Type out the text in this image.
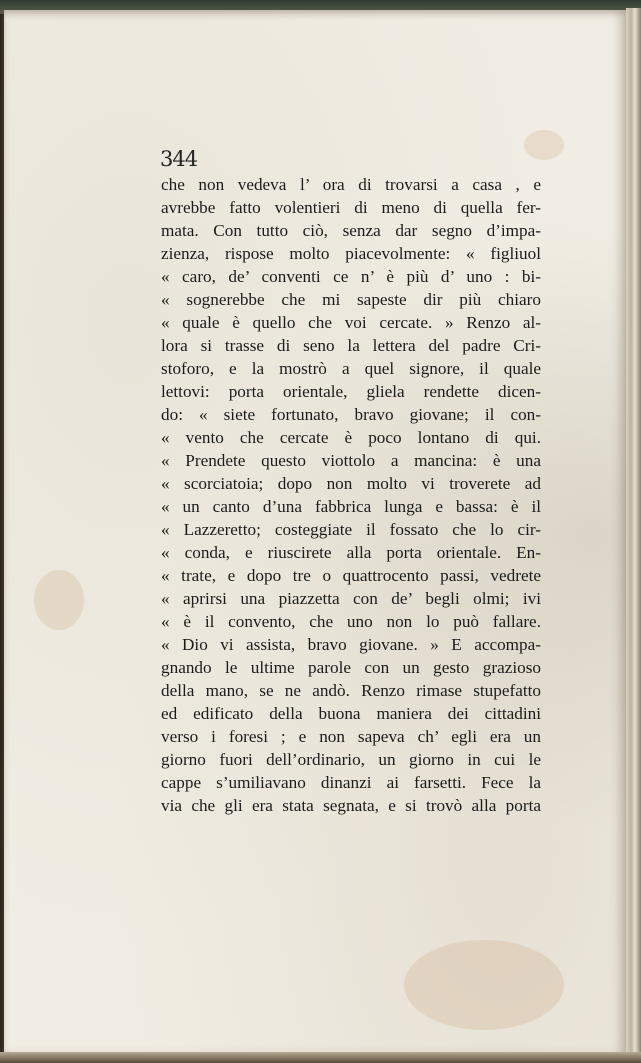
344
che non vedeva l’ ora di trovarsi a casa , e
avrebbe fatto volentieri di meno di quella fer-
mata. Con tutto ciò, senza dar segno d’impa-
zienza, rispose molto piacevolmente: « figliuol
« caro, de’ conventi ce n’ è più d’ uno : bi-
« sognerebbe che mi sapeste dir più chiaro
« quale è quello che voi cercate. » Renzo al-
lora si trasse di seno la lettera del padre Cri-
stoforo, e la mostrò a quel signore, il quale
lettovi: porta orientale, gliela rendette dicen-
do: « siete fortunato, bravo giovane; il con-
« vento che cercate è poco lontano di qui.
« Prendete questo viottolo a mancina: è una
« scorciatoia; dopo non molto vi troverete ad
« un canto d’una fabbrica lunga e bassa: è il
« Lazzeretto; costeggiate il fossato che lo cir-
« conda, e riuscirete alla porta orientale. En-
« trate, e dopo tre o quattrocento passi, vedrete
« aprirsi una piazzetta con de’ begli olmi; ivi
« è il convento, che uno non lo può fallare.
« Dio vi assista, bravo giovane. » E accompa-
gnando le ultime parole con un gesto grazioso
della mano, se ne andò. Renzo rimase stupefatto
ed edificato della buona maniera dei cittadini
verso i foresi ; e non sapeva ch’ egli era un
giorno fuori dell’ordinario, un giorno in cui le
cappe s’umiliavano dinanzi ai farsetti. Fece la
via che gli era stata segnata, e si trovò alla porta
